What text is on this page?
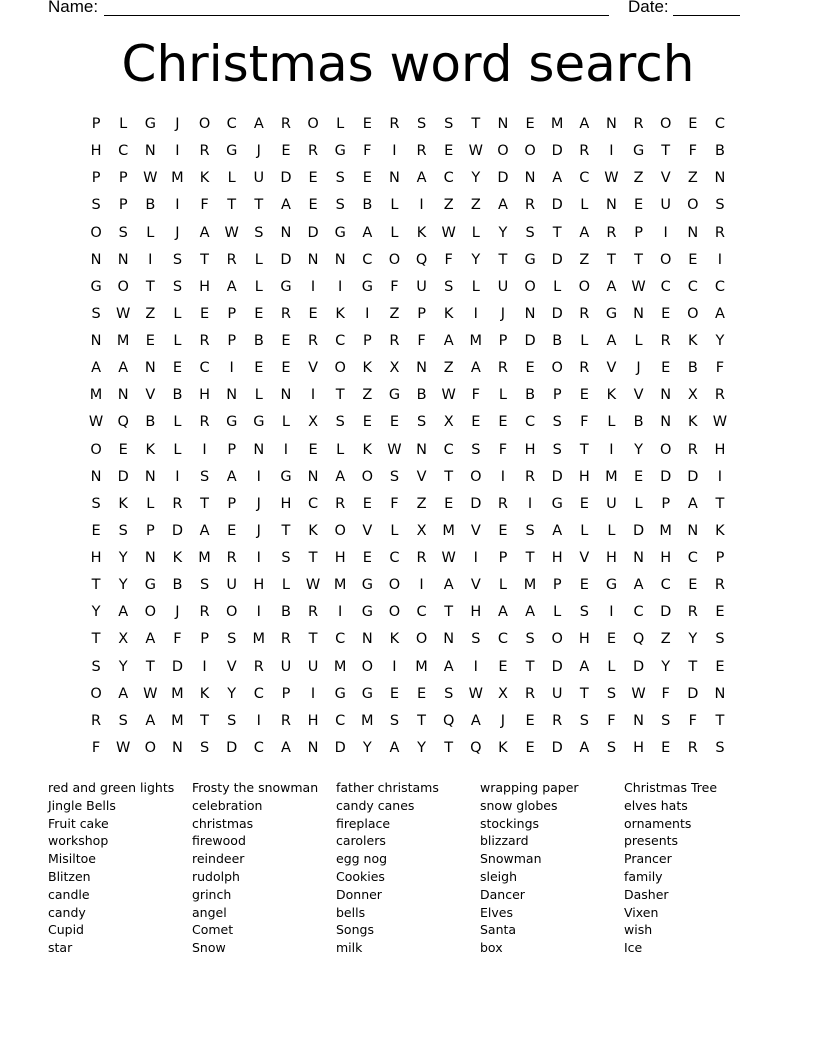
Name:	Date:
Christmas word search
P	L	G	J	O	C	A	R	O	L	E	R	S	S	T	N	E	M	A	N	R	O	E	C
H	C	N	I	R	G	J	E	R	G	F	I	R	E	W O	O	D	R	I	G	T	F	B
P	P	W M	K	L	U	D	E	S	E	N	A	C	Y	D	N	A	C	W	Z	V	Z	N
S	P	B	I	F	T	T	A	E	S	B	L	I	Z	Z	A	R	D	L	N	E	U	O	S
O	S	L	J	A	W	S	N	D	G	A	L	K	W	L	Y	S	T	A	R	P	I	N	R
N	N	I	S	T	R	L	D	N	N	C	O	Q	F	Y	T	G	D	Z	T	T	O	E	I
G	O	T	S	H	A	L	G	I	I	G	F	U	S	L	U	O	L	O	A	W	C	C	C
S	W	Z	L	E	P	E	R	E	K	I	Z	P	K	I	J	N	D	R	G	N	E	O	A
N	M	E	L	R	P	B	E	R	C	P	R	F	A	M	P	D	B	L	A	L	R	K	Y
A	A	N	E	C	I	E	E	V	O	K	X	N	Z	A	R	E	O	R	V	J	E	B	F
M	N	V	B	H	N	L	N	I	T	Z	G	B	W	F	L	B	P	E	K	V	N	X	R
W Q	B	L	R	G	G	L	X	S	E	E	S	X	E	E	C	S	F	L	B	N	K	W
O	E	K	L	I	P	N	I	E	L	K	W	N	C	S	F	H	S	T	I	Y	O	R	H
N	D	N	I	S	A	I	G	N	A	O	S	V	T	O	I	R	D	H	M	E	D	D	I
S	K	L	R	T	P	J	H	C	R	E	F	Z	E	D	R	I	G	E	U	L	P	A	T
E	S	P	D	A	E	J	T	K	O	V	L	X	M	V	E	S	A	L	L	D	M	N	K
H	Y	N	K	M	R	I	S	T	H	E	C	R	W	I	P	T	H	V	H	N	H	C	P
T	Y	G	B	S	U	H	L	W M	G	O	I	A	V	L	M	P	E	G	A	C	E	R
Y	A	O	J	R	O	I	B	R	I	G	O	C	T	H	A	A	L	S	I	C	D	R	E
T	X	A	F	P	S	M	R	T	C	N	K	O	N	S	C	S	O	H	E	Q	Z	Y	S
S	Y	T	D	I	V	R	U	U	M	O	I	M	A	I	E	T	D	A	L	D	Y	T	E
O	A	W M	K	Y	C	P	I	G	G	E	E	S	W	X	R	U	T	S	W	F	D	N
R	S	A	M	T	S	I	R	H	C	M	S	T	Q	A	J	E	R	S	F	N	S	F	T
F	W O	N	S	D	C	A	N	D	Y	A	Y	T	Q	K	E	D	A	S	H	E	R	S
red and green lights
Jingle Bells
Fruit cake
workshop
Misiltoe
Blitzen
candle
candy
Cupid
star
Frosty the snowman
celebration
christmas
firewood
reindeer
rudolph
grinch
angel
Comet
Snow
father christams
candy canes
fireplace
carolers
egg nog
Cookies
Donner
bells
Songs
milk
wrapping paper
snow globes
stockings
blizzard
Snowman
sleigh
Dancer
Elves
Santa
box
Christmas Tree
elves hats
ornaments
presents
Prancer
family
Dasher
Vixen
wish
Ice
